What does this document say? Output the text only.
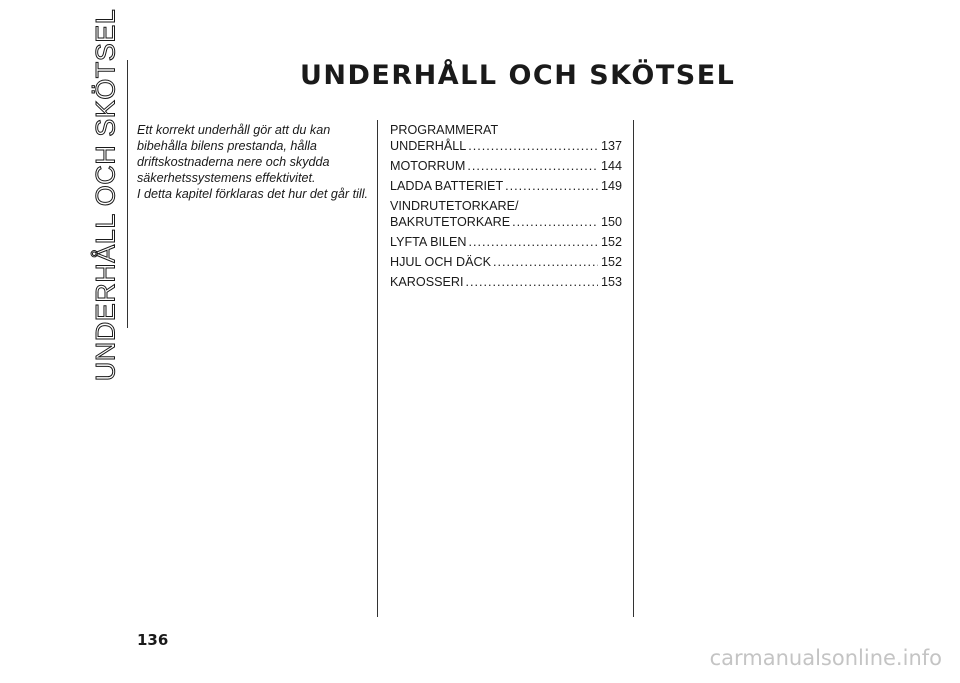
UNDERHÅLL OCH SKÖTSEL	UNDERHÅLL OCH SKÖTSEL

Ett korrekt underhåll gör att du kan bibehålla bilens prestanda, hålla driftskostnaderna nere och skydda säkerhetssystemens effektivitet.

I detta kapitel förklaras det hur det går till.

PROGRAMMERAT
UNDERHÅLL .....	137
MOTORRUM .....	144
LADDA BATTERIET .....	149
VINDRUTETORKARE/
BAKRUTETORKARE .....	150
LYFTA BILEN .....	152
HJUL OCH DÄCK .....	152
KAROSSERI .....	153
136
carmanualsonline.info
